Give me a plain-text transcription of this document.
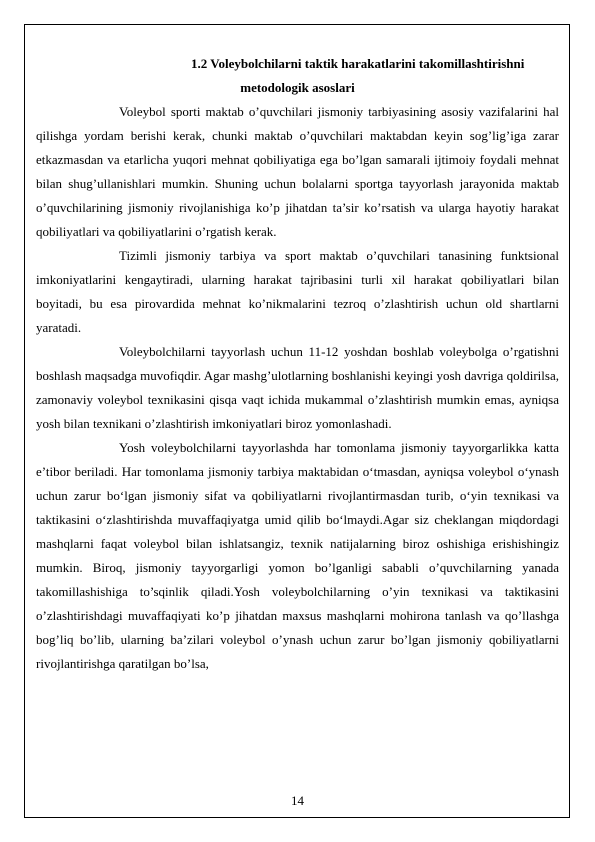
1.2 Voleybolchilarni taktik harakatlarini takomillashtirishni
metodologik asoslari

Voleybol sporti maktab o’quvchilari jismoniy tarbiyasining asosiy vazifalarini hal qilishga yordam berishi kerak, chunki maktab o’quvchilari maktabdan keyin sog’lig’iga zarar etkazmasdan va etarlicha yuqori mehnat qobiliyatiga ega bo’lgan samarali ijtimoiy foydali mehnat bilan shug’ullanishlari mumkin. Shuning uchun bolalarni sportga tayyorlash jarayonida maktab o’quvchilarining jismoniy rivojlanishiga ko’p jihatdan ta’sir ko’rsatish va ularga hayotiy harakat qobiliyatlari va qobiliyatlarini o’rgatish kerak.

Tizimli jismoniy tarbiya va sport maktab o’quvchilari tanasining funktsional imkoniyatlarini kengaytiradi, ularning harakat tajribasini turli xil harakat qobiliyatlari bilan boyitadi, bu esa pirovardida mehnat ko’nikmalarini tezroq o’zlashtirish uchun old shartlarni yaratadi.

Voleybolchilarni tayyorlash uchun 11-12 yoshdan boshlab voleybolga o’rgatishni boshlash maqsadga muvofiqdir. Agar mashg’ulotlarning boshlanishi keyingi yosh davriga qoldirilsa, zamonaviy voleybol texnikasini qisqa vaqt ichida mukammal o’zlashtirish mumkin emas, ayniqsa yosh bilan texnikani o’zlashtirish imkoniyatlari biroz yomonlashadi.

Yosh voleybolchilarni tayyorlashda har tomonlama jismoniy tayyorgarlikka katta e’tibor beriladi. Har tomonlama jismoniy tarbiya maktabidan oʻtmasdan, ayniqsa voleybol oʻynash uchun zarur boʻlgan jismoniy sifat va qobiliyatlarni rivojlantirmasdan turib, oʻyin texnikasi va taktikasini oʻzlashtirishda muvaffaqiyatga umid qilib boʻlmaydi.Agar siz cheklangan miqdordagi mashqlarni faqat voleybol bilan ishlatsangiz, texnik natijalarning biroz oshishiga erishishingiz mumkin. Biroq, jismoniy tayyorgarligi yomon bo’lganligi sababli o’quvchilarning yanada takomillashishiga to’sqinlik qiladi.Yosh voleybolchilarning o’yin texnikasi va taktikasini o’zlashtirishdagi muvaffaqiyati ko’p jihatdan maxsus mashqlarni mohirona tanlash va qo’llashga bog’liq bo’lib, ularning ba’zilari voleybol o’ynash uchun zarur bo’lgan jismoniy qobiliyatlarni rivojlantirishga qaratilgan bo’lsa,

14
